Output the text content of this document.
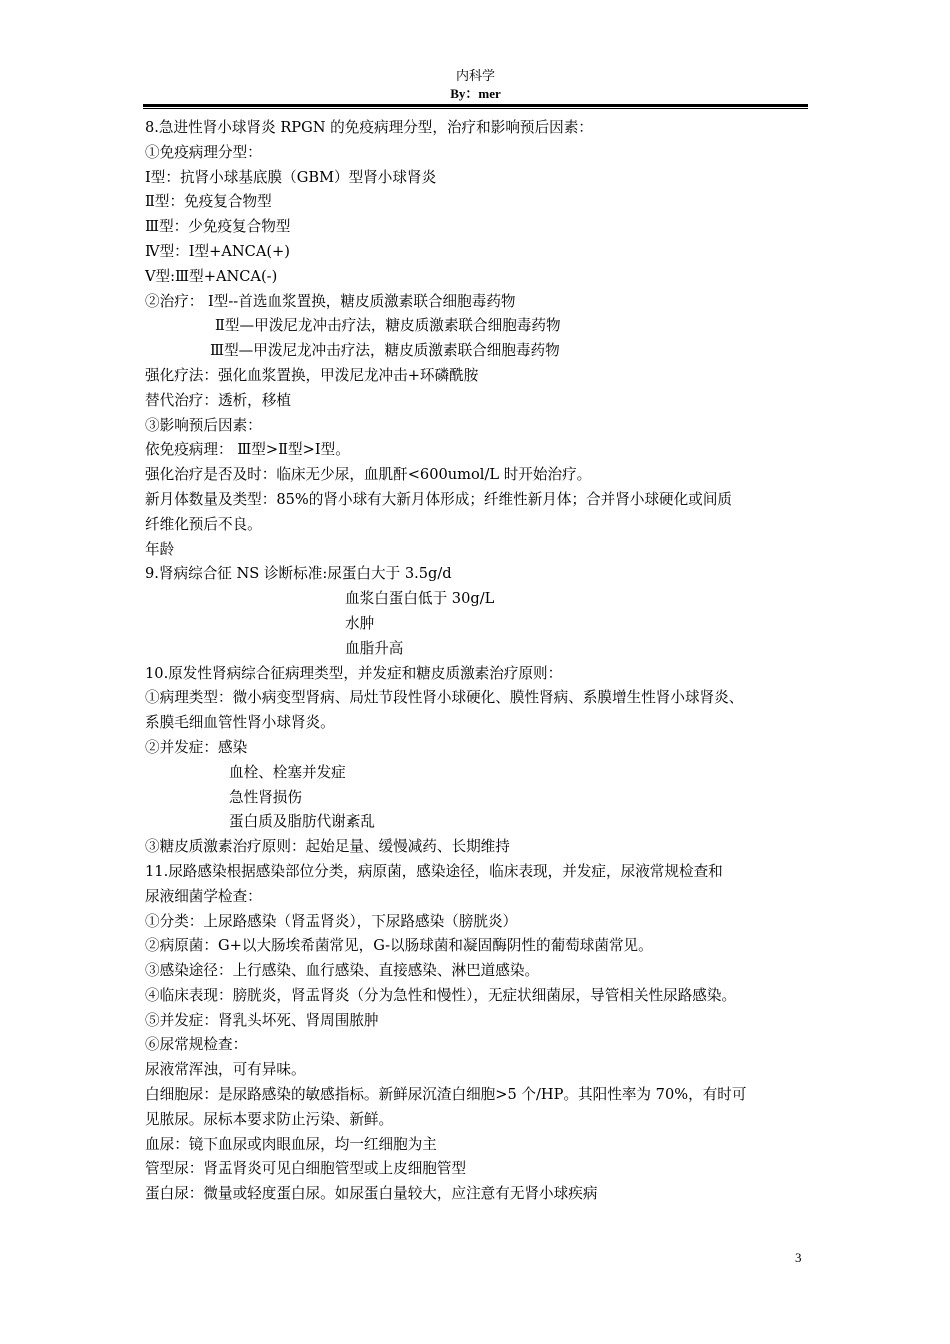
内科学
By：mer
8.急进性肾小球肾炎 RPGN 的免疫病理分型，治疗和影响预后因素：
①免疫病理分型：
Ⅰ型：抗肾小球基底膜（GBM）型肾小球肾炎
Ⅱ型：免疫复合物型
Ⅲ型：少免疫复合物型
Ⅳ型：Ⅰ型+ANCA(+)
Ⅴ型:Ⅲ型+ANCA(-)
②治疗： Ⅰ型--首选血浆置换，糖皮质激素联合细胞毒药物
Ⅱ型—甲泼尼龙冲击疗法，糖皮质激素联合细胞毒药物
Ⅲ型—甲泼尼龙冲击疗法，糖皮质激素联合细胞毒药物
强化疗法：强化血浆置换，甲泼尼龙冲击+环磷酰胺
替代治疗：透析，移植
③影响预后因素：
依免疫病理： Ⅲ型>Ⅱ型>Ⅰ型。
强化治疗是否及时：临床无少尿，血肌酐<600umol/L 时开始治疗。
新月体数量及类型：85%的肾小球有大新月体形成；纤维性新月体；合并肾小球硬化或间质
纤维化预后不良。
年龄
9.肾病综合征 NS 诊断标准:尿蛋白大于 3.5g/d
血浆白蛋白低于 30g/L
水肿
血脂升高
10.原发性肾病综合征病理类型，并发症和糖皮质激素治疗原则：
①病理类型：微小病变型肾病、局灶节段性肾小球硬化、膜性肾病、系膜增生性肾小球肾炎、
系膜毛细血管性肾小球肾炎。
②并发症：感染
血栓、栓塞并发症
急性肾损伤
蛋白质及脂肪代谢紊乱
③糖皮质激素治疗原则：起始足量、缓慢减药、长期维持
11.尿路感染根据感染部位分类，病原菌，感染途径，临床表现，并发症，尿液常规检查和
尿液细菌学检查：
①分类：上尿路感染（肾盂肾炎），下尿路感染（膀胱炎）
②病原菌：G+以大肠埃希菌常见，G-以肠球菌和凝固酶阴性的葡萄球菌常见。
③感染途径：上行感染、血行感染、直接感染、淋巴道感染。
④临床表现：膀胱炎，肾盂肾炎（分为急性和慢性），无症状细菌尿，导管相关性尿路感染。
⑤并发症：肾乳头坏死、肾周围脓肿
⑥尿常规检查：
尿液常浑浊，可有异味。
白细胞尿：是尿路感染的敏感指标。新鲜尿沉渣白细胞>5 个/HP。其阳性率为 70%，有时可
见脓尿。尿标本要求防止污染、新鲜。
血尿：镜下血尿或肉眼血尿，均一红细胞为主
管型尿：肾盂肾炎可见白细胞管型或上皮细胞管型
蛋白尿：微量或轻度蛋白尿。如尿蛋白量较大，应注意有无肾小球疾病
3
